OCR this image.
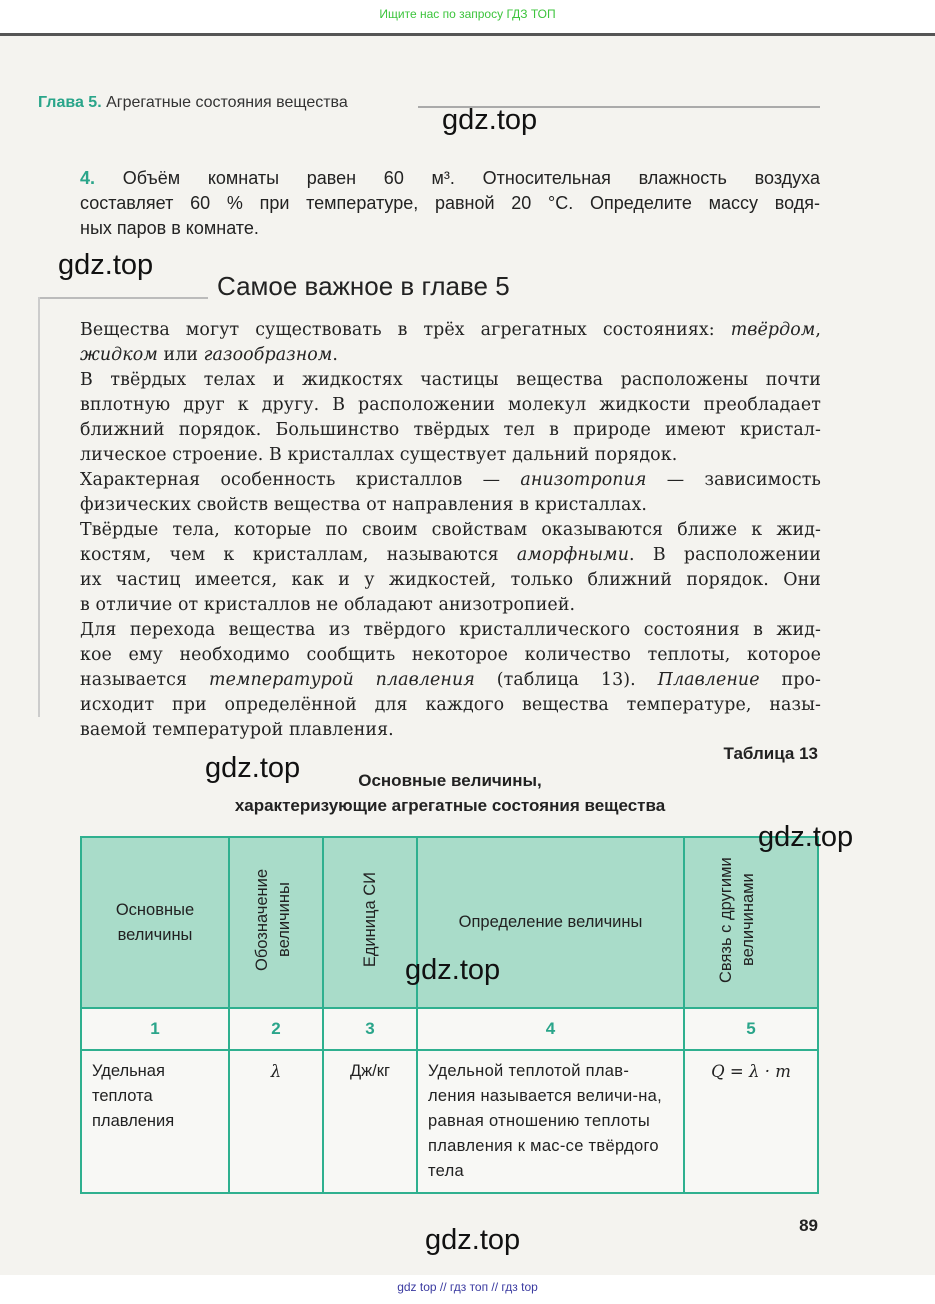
Ищите нас по запросу ГДЗ ТОП
Глава 5. Агрегатные состояния вещества
gdz.top
4. Объём комнаты равен 60 м³. Относительная влажность воздуха
составляет 60 % при температуре, равной 20 °С. Определите массу водя-
ных паров в комнате.
gdz.top
Самое важное в главе 5
Вещества могут существовать в трёх агрегатных состояниях: твёрдом,
жидком или газообразном.
В твёрдых телах и жидкостях частицы вещества расположены почти
вплотную друг к другу. В расположении молекул жидкости преобладает
ближний порядок. Большинство твёрдых тел в природе имеют кристал-
лическое строение. В кристаллах существует дальний порядок.
Характерная особенность кристаллов — анизотропия — зависимость
физических свойств вещества от направления в кристаллах.
Твёрдые тела, которые по своим свойствам оказываются ближе к жид-
костям, чем к кристаллам, называются аморфными. В расположении
их частиц имеется, как и у жидкостей, только ближний порядок. Они
в отличие от кристаллов не обладают анизотропией.
Для перехода вещества из твёрдого кристаллического состояния в жид-
кое ему необходимо сообщить некоторое количество теплоты, которое
называется температурой плавления (таблица 13). Плавление про-
исходит при определённой для каждого вещества температуре, назы-
ваемой температурой плавления.
Таблица 13
Основные величины,
характеризующие агрегатные состояния вещества
gdz.top
Основные величины	Обозначение величины	Единица СИ	Определение величины	Связь с другими величинами
1	2	3	4	5

Удельная теплота плавления	λ	Дж/кг	Удельной теплотой плав-ления называется величи-на, равная отношению теплоты плавления к мас-се твёрдого тела	Q = λ · m
gdz.top
gdz.top
89
gdz.top
gdz top // гдз топ // гдз top
